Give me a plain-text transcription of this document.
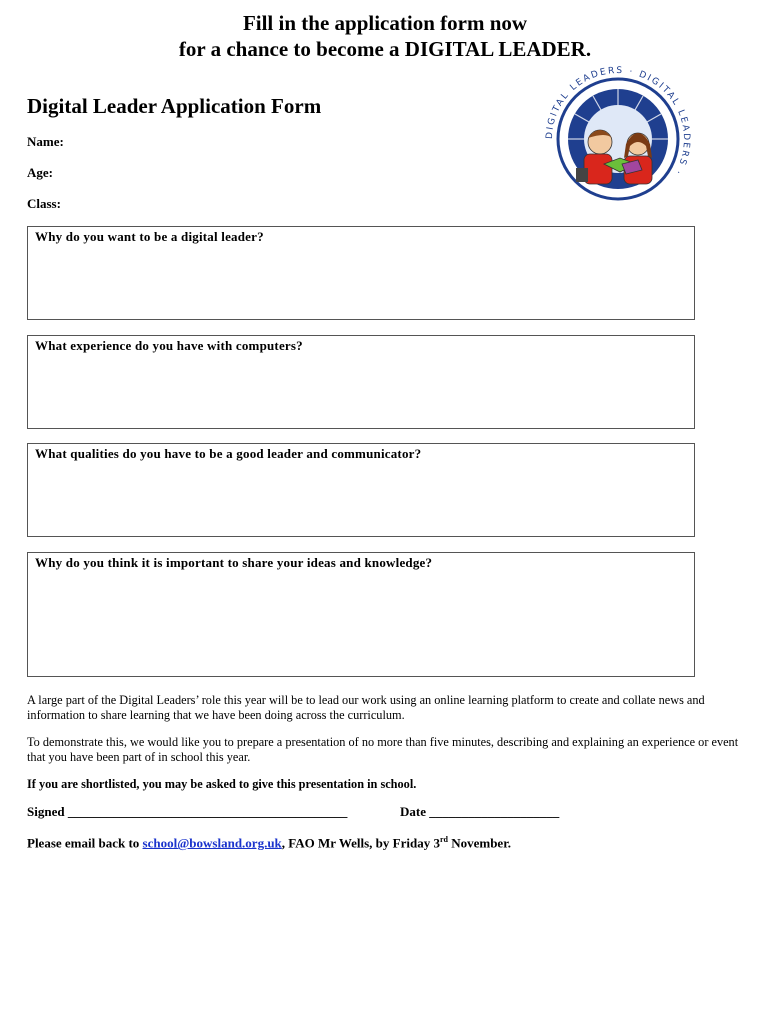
Fill in the application form now
for a chance to become a DIGITAL LEADER.
Digital Leader Application Form
Name:
Age:
Class:
DIGITAL LEADERS · DIGITAL LEADERS ·
Why do you want to be a digital leader?
What experience do you have with computers?
What qualities do you have to be a good leader and communicator?
Why do you think it is important to share your ideas and knowledge?
A large part of the Digital Leaders’ role this year will be to lead our work using an online learning platform to create and collate news and information to share learning that we have been doing across the curriculum.
To demonstrate this, we would like you to prepare a presentation of no more than five minutes, describing and explaining an experience or event that you have been part of in school this year.
If you are shortlisted, you may be asked to give this presentation in school.
Signed ___________________________________________	Date ____________________
Please email back to school@bowsland.org.uk, FAO Mr Wells, by Friday 3rd November.
